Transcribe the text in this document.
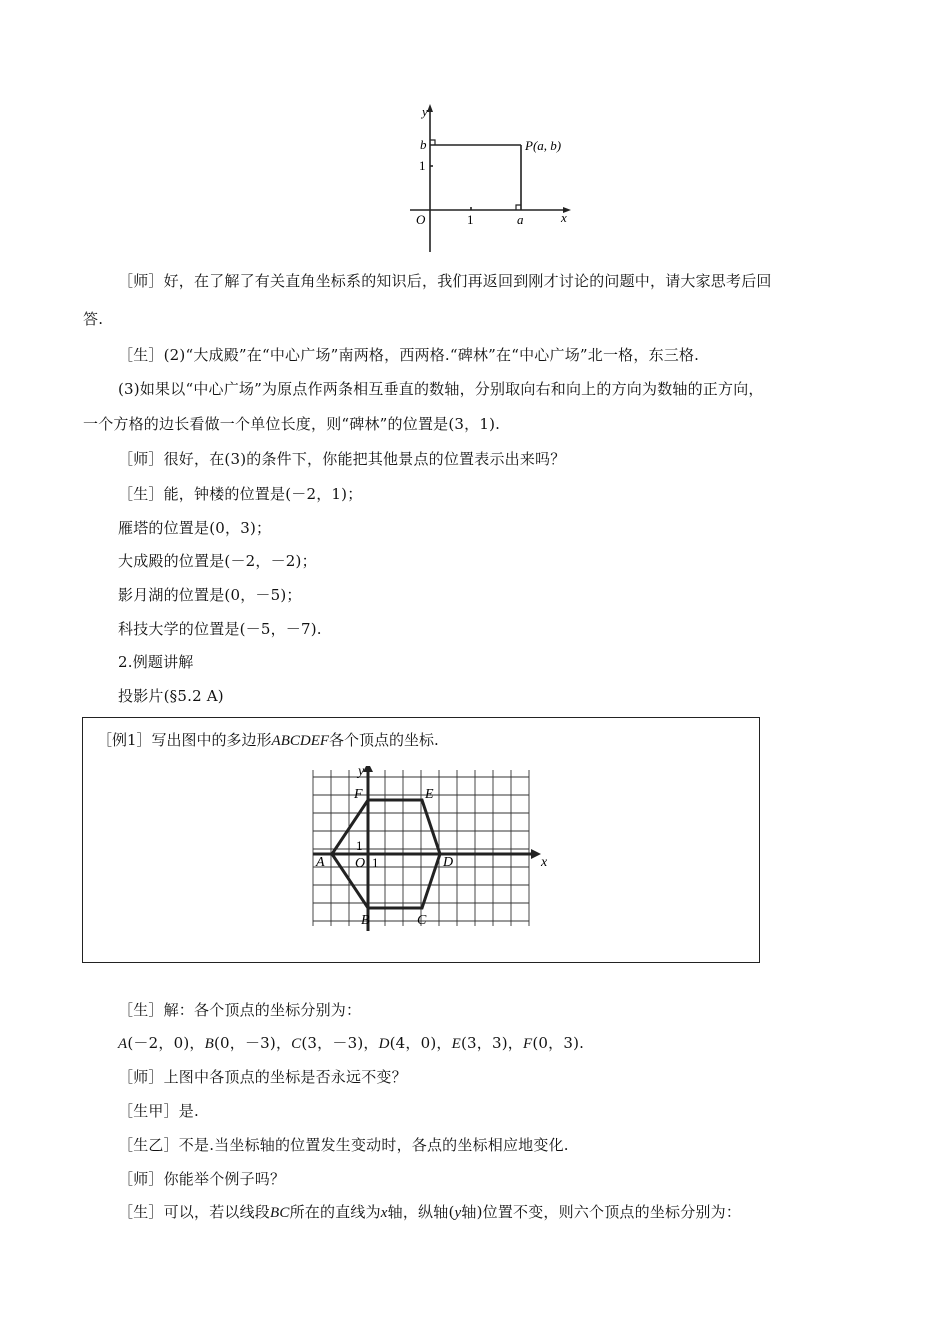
y
x
O	1
1
b
a
P(a, b)
［师］好，在了解了有关直角坐标系的知识后，我们再返回到刚才讨论的问题中，请大家思考后回
答.
［生］(2)“大成殿”在“中心广场”南两格，西两格.“碑林”在“中心广场”北一格，东三格.
(3)如果以“中心广场”为原点作两条相互垂直的数轴，分别取向右和向上的方向为数轴的正方向，
一个方格的边长看做一个单位长度，则“碑林”的位置是(3，1).
［师］很好，在(3)的条件下，你能把其他景点的位置表示出来吗？
［生］能，钟楼的位置是(－2，1)；
雁塔的位置是(0，3)；
大成殿的位置是(－2，－2)；
影月湖的位置是(0，－5)；
科技大学的位置是(－5，－7).
2.例题讲解
投影片(§5.2 A)
［例1］写出图中的多边形ABCDEF各个顶点的坐标.
A
B	C
D
E
F
x
y
O 1
1
［生］解：各个顶点的坐标分别为：
A(－2，0)，B(0，－3)，C(3，－3)，D(4，0)，E(3，3)，F(0，3).
［师］上图中各顶点的坐标是否永远不变？
［生甲］是.
［生乙］不是.当坐标轴的位置发生变动时，各点的坐标相应地变化.
［师］你能举个例子吗？
［生］可以，若以线段BC所在的直线为x轴，纵轴(y轴)位置不变，则六个顶点的坐标分别为：
